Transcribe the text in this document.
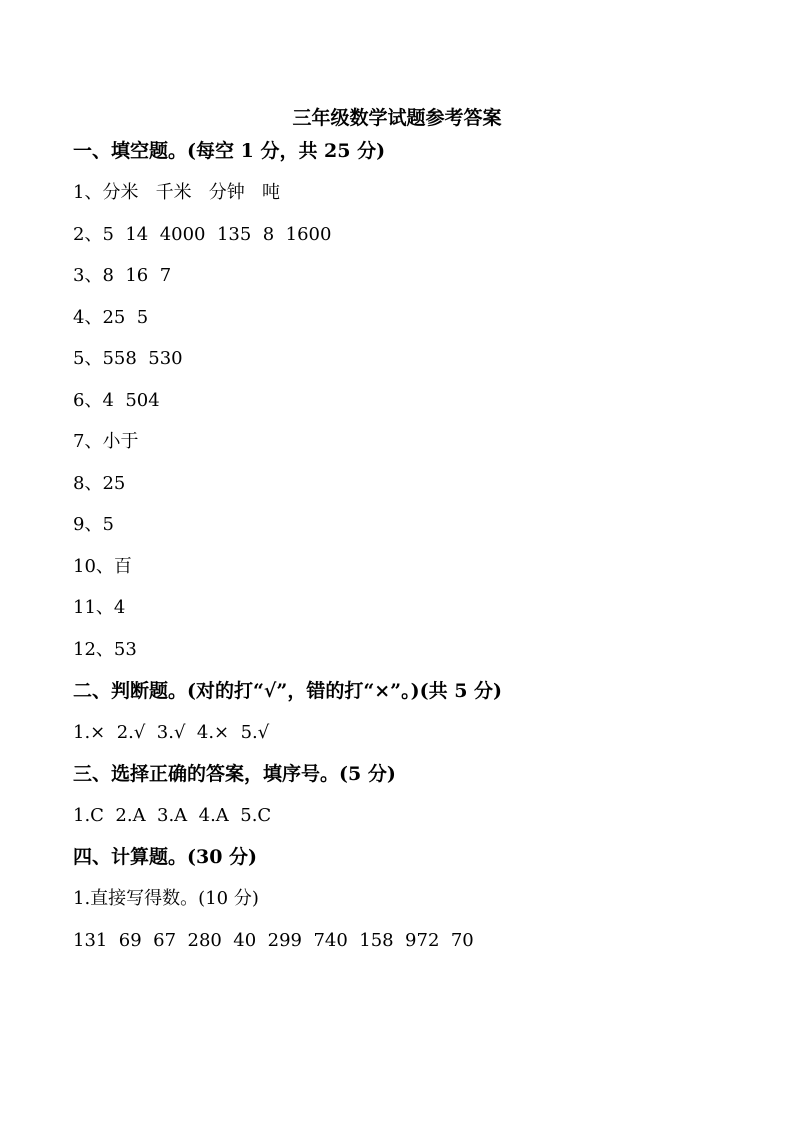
三年级数学试题参考答案
一、填空题。(每空 1 分，共 25 分)
1、分米   千米   分钟   吨
2、5  14  4000  135  8  1600
3、8  16  7
4、25  5
5、558  530
6、4  504
7、小于
8、25
9、5
10、百
11、4
12、53
二、判断题。(对的打“√”，错的打“×”。)(共 5 分)
1.×  2.√  3.√  4.×  5.√
三、选择正确的答案，填序号。(5 分)
1.C  2.A  3.A  4.A  5.C
四、计算题。(30 分)
1.直接写得数。(10 分)
131  69  67  280  40  299  740  158  972  70
